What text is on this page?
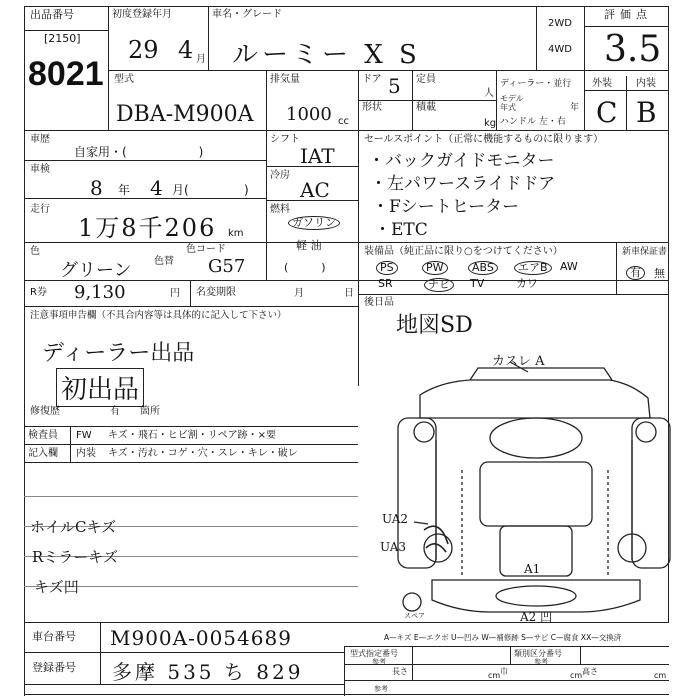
出品番号
[2150]
8021
初度登録年月
29 4 月
車名・グレード
ルーミー X S
2WD
4WD
評価点
3.5
外装 内装
C B
型式
DBA-M900A
排気量
1000 cc
ドア 5 定員
人
形状	積載
kg
ディーラー・並行
モデル年式	年
ハンドル 左・右
車歴
自家用・(　　　　　　)
車検
8 年 4 月(	)
走行
1万8千206 km
色
グリーン 色替
色コード
G57
シフト
IAT
冷房
AC
燃料
ガソリン
軽 油
(　　　)
セールスポイント（正常に機能するものに限ります）
・バックガイドモニター
・左パワースライドドア
・Fシートヒーター
・ETC
R券 9,130	円 名変期限	月	日
装備品（純正品に限り○をつけてください）
PS	PW	ABS	エアB	AW
SR	ナビ	TV	カワ
新車保証書
有	無
後日品
地図SD
注意事項申告欄（不具合内容等は具体的に記入して下さい）
ディーラー出品
初出品
修復歴	有 箇所
検査員
記入欄
FW キズ・飛石・ヒビ割・リペア跡・×要
内装 キズ・汚れ・コゲ・穴・スレ・キレ・破レ
ホイルCキズ
Rミラーキズ
キズ凹
カスレ A
UA2
UA3
A1
A2 凹
スペア
A—キズ E—エクボ U—凹み W—補修跡 S—サビ C—腐食 XX—交換済
車台番号 M900A-0054689
登録番号 多摩 535 ち 829
型式指定番号
参考
類別区分番号
参考
長さ	cm 巾	cm 高さ	cm
参考
